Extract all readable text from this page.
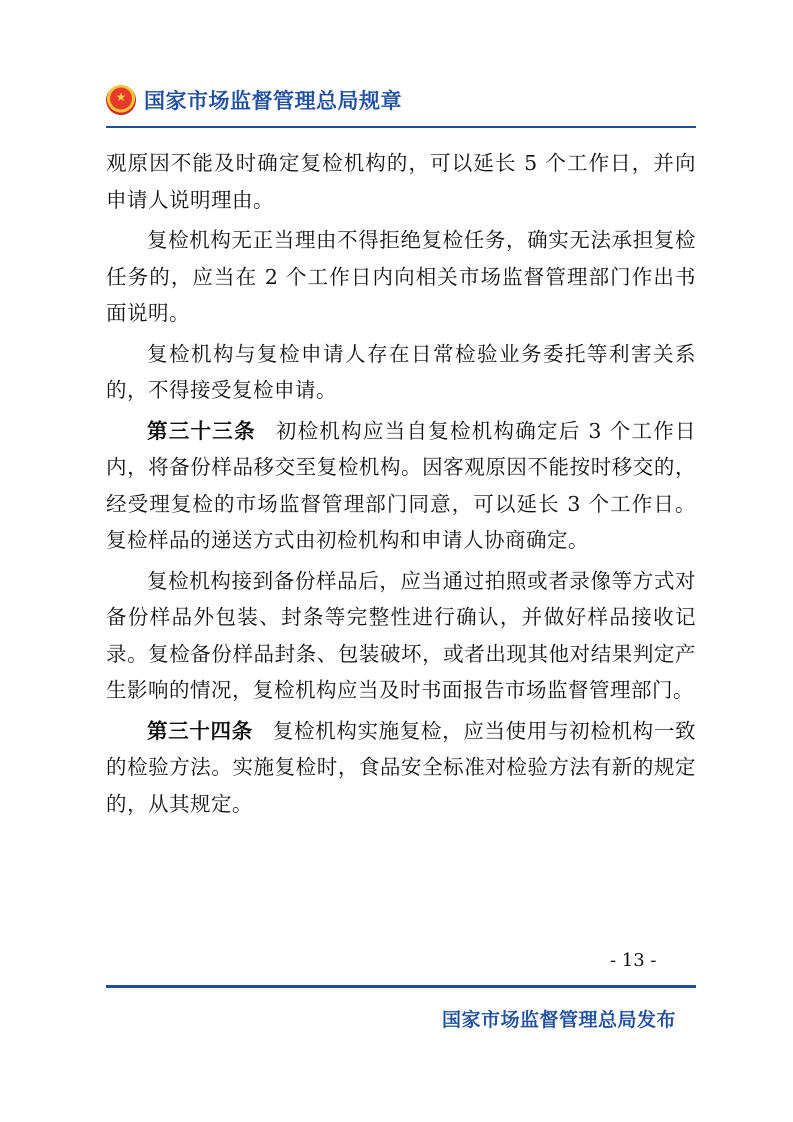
★
国家市场监督管理总局规章

观原因不能及时确定复检机构的，可以延长 5 个工作日，并向申请人说明理由。

复检机构无正当理由不得拒绝复检任务，确实无法承担复检任务的，应当在 2 个工作日内向相关市场监督管理部门作出书面说明。

复检机构与复检申请人存在日常检验业务委托等利害关系的，不得接受复检申请。

第三十三条 初检机构应当自复检机构确定后 3 个工作日内，将备份样品移交至复检机构。因客观原因不能按时移交的，经受理复检的市场监督管理部门同意，可以延长 3 个工作日。复检样品的递送方式由初检机构和申请人协商确定。

复检机构接到备份样品后，应当通过拍照或者录像等方式对备份样品外包装、封条等完整性进行确认，并做好样品接收记录。复检备份样品封条、包装破坏，或者出现其他对结果判定产生影响的情况，复检机构应当及时书面报告市场监督管理部门。

第三十四条 复检机构实施复检，应当使用与初检机构一致的检验方法。实施复检时，食品安全标准对检验方法有新的规定的，从其规定。

- 13 -
国家市场监督管理总局发布
